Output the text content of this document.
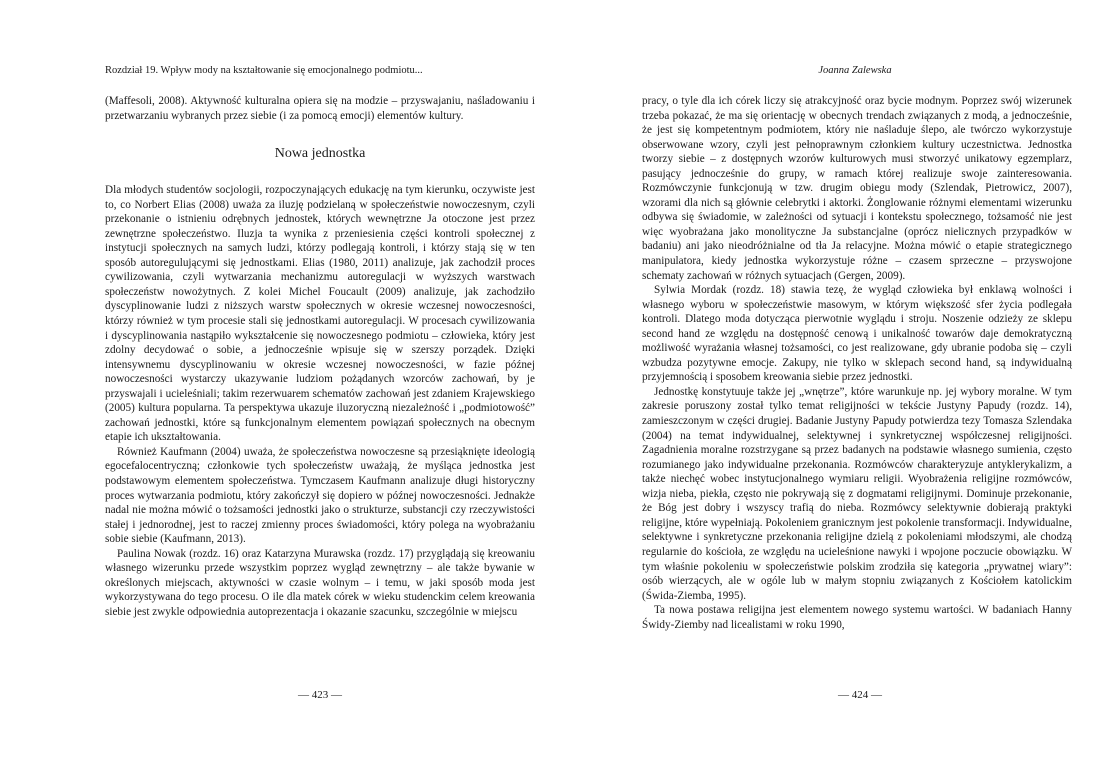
Rozdział 19. Wpływ mody na kształtowanie się emocjonalnego podmiotu...

(Maffesoli, 2008). Aktywność kulturalna opiera się na modzie – przyswajaniu, naśladowaniu i przetwarzaniu wybranych przez siebie (i za pomocą emocji) elementów kultury.

Nowa jednostka

Dla młodych studentów socjologii, rozpoczynających edukację na tym kierunku, oczywiste jest to, co Norbert Elias (2008) uważa za iluzję podzielaną w społeczeństwie nowoczesnym, czyli przekonanie o istnieniu odrębnych jednostek, których wewnętrzne Ja otoczone jest przez zewnętrzne społeczeństwo. Iluzja ta wynika z przeniesienia części kontroli społecznej z instytucji społecznych na samych ludzi, którzy podlegają kontroli, i którzy stają się w ten sposób autoregulującymi się jednostkami. Elias (1980, 2011) analizuje, jak zachodził proces cywilizowania, czyli wytwarzania mechanizmu autoregulacji w wyższych warstwach społeczeństw nowożytnych. Z kolei Michel Foucault (2009) analizuje, jak zachodziło dyscyplinowanie ludzi z niższych warstw społecznych w okresie wczesnej nowoczesności, którzy również w tym procesie stali się jednostkami autoregulacji. W procesach cywilizowania i dyscyplinowania nastąpiło wykształcenie się nowoczesnego podmiotu – człowieka, który jest zdolny decydować o sobie, a jednocześnie wpisuje się w szerszy porządek. Dzięki intensywnemu dyscyplinowaniu w okresie wczesnej nowoczesności, w fazie późnej nowoczesności wystarczy ukazywanie ludziom pożądanych wzorców zachowań, by je przyswajali i ucieleśniali; takim rezerwuarem schematów zachowań jest zdaniem Krajewskiego (2005) kultura popularna. Ta perspektywa ukazuje iluzoryczną niezależność i „podmiotowość” zachowań jednostki, które są funkcjonalnym elementem powiązań społecznych na obecnym etapie ich ukształtowania.

Również Kaufmann (2004) uważa, że społeczeństwa nowoczesne są przesiąknięte ideologią egocefalocentryczną; członkowie tych społeczeństw uważają, że myśląca jednostka jest podstawowym elementem społeczeństwa. Tymczasem Kaufmann analizuje długi historyczny proces wytwarzania podmiotu, który zakończył się dopiero w późnej nowoczesności. Jednakże nadal nie można mówić o tożsamości jednostki jako o strukturze, substancji czy rzeczywistości stałej i jednorodnej, jest to raczej zmienny proces świadomości, który polega na wyobrażaniu sobie siebie (Kaufmann, 2013).

Paulina Nowak (rozdz. 16) oraz Katarzyna Murawska (rozdz. 17) przyglądają się kreowaniu własnego wizerunku przede wszystkim poprzez wygląd zewnętrzny – ale także bywanie w określonych miejscach, aktywności w czasie wolnym – i temu, w jaki sposób moda jest wykorzystywana do tego procesu. O ile dla matek córek w wieku studenckim celem kreowania siebie jest zwykle odpowiednia autoprezentacja i okazanie szacunku, szczególnie w miejscu

— 423 —
Joanna Zalewska

pracy, o tyle dla ich córek liczy się atrakcyjność oraz bycie modnym. Poprzez swój wizerunek trzeba pokazać, że ma się orientację w obecnych trendach związanych z modą, a jednocześnie, że jest się kompetentnym podmiotem, który nie naśladuje ślepo, ale twórczo wykorzystuje obserwowane wzory, czyli jest pełnoprawnym członkiem kultury uczestnictwa. Jednostka tworzy siebie – z dostępnych wzorów kulturowych musi stworzyć unikatowy egzemplarz, pasujący jednocześnie do grupy, w ramach której realizuje swoje zainteresowania. Rozmówczynie funkcjonują w tzw. drugim obiegu mody (Szlendak, Pietrowicz, 2007), wzorami dla nich są głównie celebrytki i aktorki. Żonglowanie różnymi elementami wizerunku odbywa się świadomie, w zależności od sytuacji i kontekstu społecznego, tożsamość nie jest więc wyobrażana jako monolityczne Ja substancjalne (oprócz nielicznych przypadków w badaniu) ani jako nieodróżnialne od tła Ja relacyjne. Można mówić o etapie strategicznego manipulatora, kiedy jednostka wykorzystuje różne – czasem sprzeczne – przyswojone schematy zachowań w różnych sytuacjach (Gergen, 2009).

Sylwia Mordak (rozdz. 18) stawia tezę, że wygląd człowieka był enklawą wolności i własnego wyboru w społeczeństwie masowym, w którym większość sfer życia podlegała kontroli. Dlatego moda dotycząca pierwotnie wyglądu i stroju. Noszenie odzieży ze sklepu second hand ze względu na dostępność cenową i unikalność towarów daje demokratyczną możliwość wyrażania własnej tożsamości, co jest realizowane, gdy ubranie podoba się – czyli wzbudza pozytywne emocje. Zakupy, nie tylko w sklepach second hand, są indywidualną przyjemnością i sposobem kreowania siebie przez jednostki.

Jednostkę konstytuuje także jej „wnętrze”, które warunkuje np. jej wybory moralne. W tym zakresie poruszony został tylko temat religijności w tekście Justyny Papudy (rozdz. 14), zamieszczonym w części drugiej. Badanie Justyny Papudy potwierdza tezy Tomasza Szlendaka (2004) na temat indywidualnej, selektywnej i synkretycznej współczesnej religijności. Zagadnienia moralne rozstrzygane są przez badanych na podstawie własnego sumienia, często rozumianego jako indywidualne przekonania. Rozmówców charakteryzuje antyklerykalizm, a także niechęć wobec instytucjonalnego wymiaru religii. Wyobrażenia religijne rozmówców, wizja nieba, piekła, często nie pokrywają się z dogmatami religijnymi. Dominuje przekonanie, że Bóg jest dobry i wszyscy trafią do nieba. Rozmówcy selektywnie dobierają praktyki religijne, które wypełniają. Pokoleniem granicznym jest pokolenie transformacji. Indywidualne, selektywne i synkretyczne przekonania religijne dzielą z pokoleniami młodszymi, ale chodzą regularnie do kościoła, ze względu na ucieleśnione nawyki i wpojone poczucie obowiązku. W tym właśnie pokoleniu w społeczeństwie polskim zrodziła się kategoria „prywatnej wiary”: osób wierzących, ale w ogóle lub w małym stopniu związanych z Kościołem katolickim (Świda-Ziemba, 1995).

Ta nowa postawa religijna jest elementem nowego systemu wartości. W badaniach Hanny Świdy-Ziemby nad licealistami w roku 1990,

— 424 —
